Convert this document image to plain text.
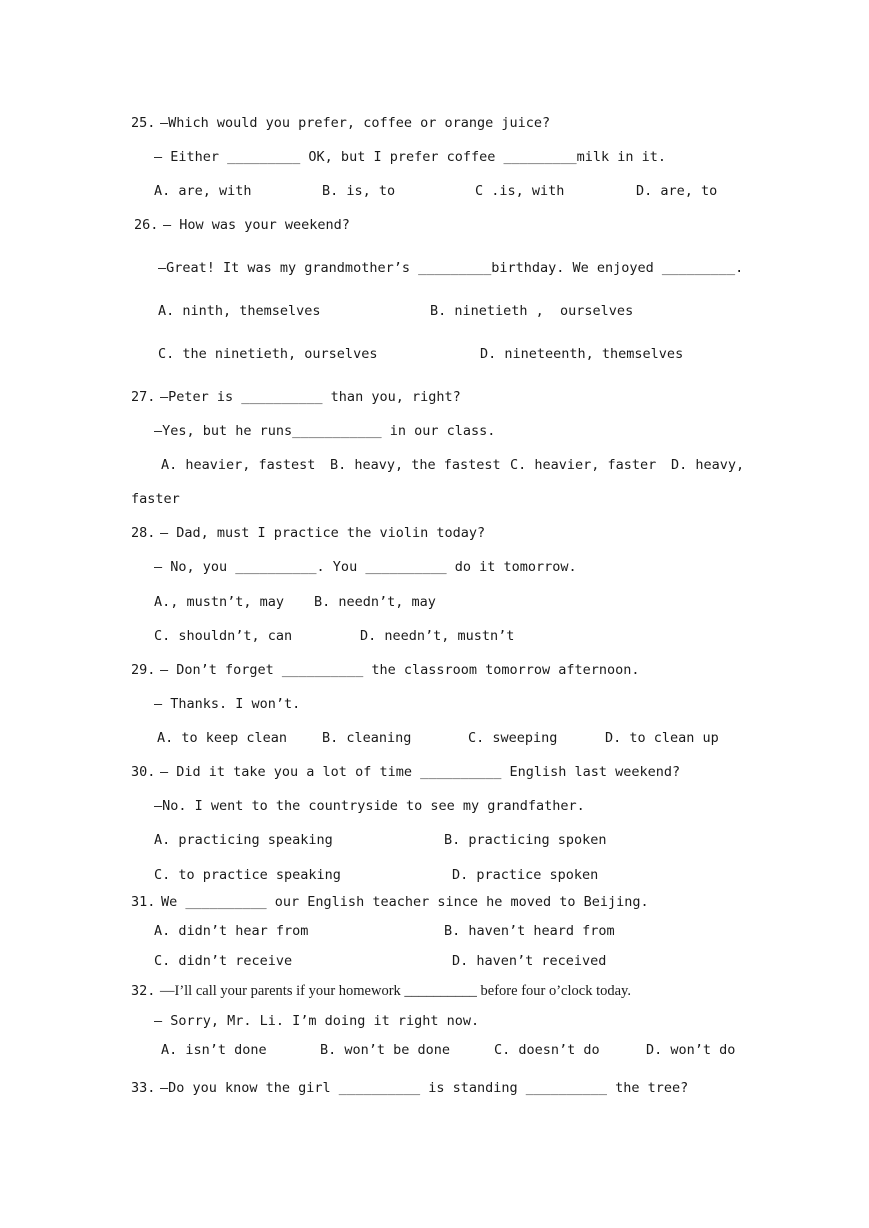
25. —Which would you prefer, coffee or orange juice?
— Either _________ OK, but I prefer coffee _________milk in it.
A. are, with	B. is, to	C .is, with	D. are, to
26. — How was your weekend?
—Great! It was my grandmother’s _________birthday. We enjoyed _________.
A. ninth, themselves	B. ninetieth ,  ourselves
C. the ninetieth, ourselves	D. nineteenth, themselves
27. —Peter is __________ than you, right?
—Yes, but he runs___________ in our class.
A. heavier, fastest B. heavy, the fastest C. heavier, faster D. heavy,
faster
28. — Dad, must I practice the violin today?
— No, you __________. You __________ do it tomorrow.
A., mustn’t, may B. needn’t, may
C. shouldn’t, can	D. needn’t, mustn’t
29. — Don’t forget __________ the classroom tomorrow afternoon.
— Thanks. I won’t.
A. to keep clean	B. cleaning	C. sweeping	D. to clean up
30. — Did it take you a lot of time __________ English last weekend?
—No. I went to the countryside to see my grandfather.
A. practicing speaking	B. practicing spoken
C. to practice speaking	D. practice spoken
31. We __________ our English teacher since he moved to Beijing.
A. didn’t hear from	B. haven’t heard from
C. didn’t receive	D. haven’t received
32. —I’ll call your parents if your homework __________ before four o’clock today.
— Sorry, Mr. Li. I’m doing it right now.
A. isn’t done	B. won’t be done	C. doesn’t do	D. won’t do
33. —Do you know the girl __________ is standing __________ the tree?
